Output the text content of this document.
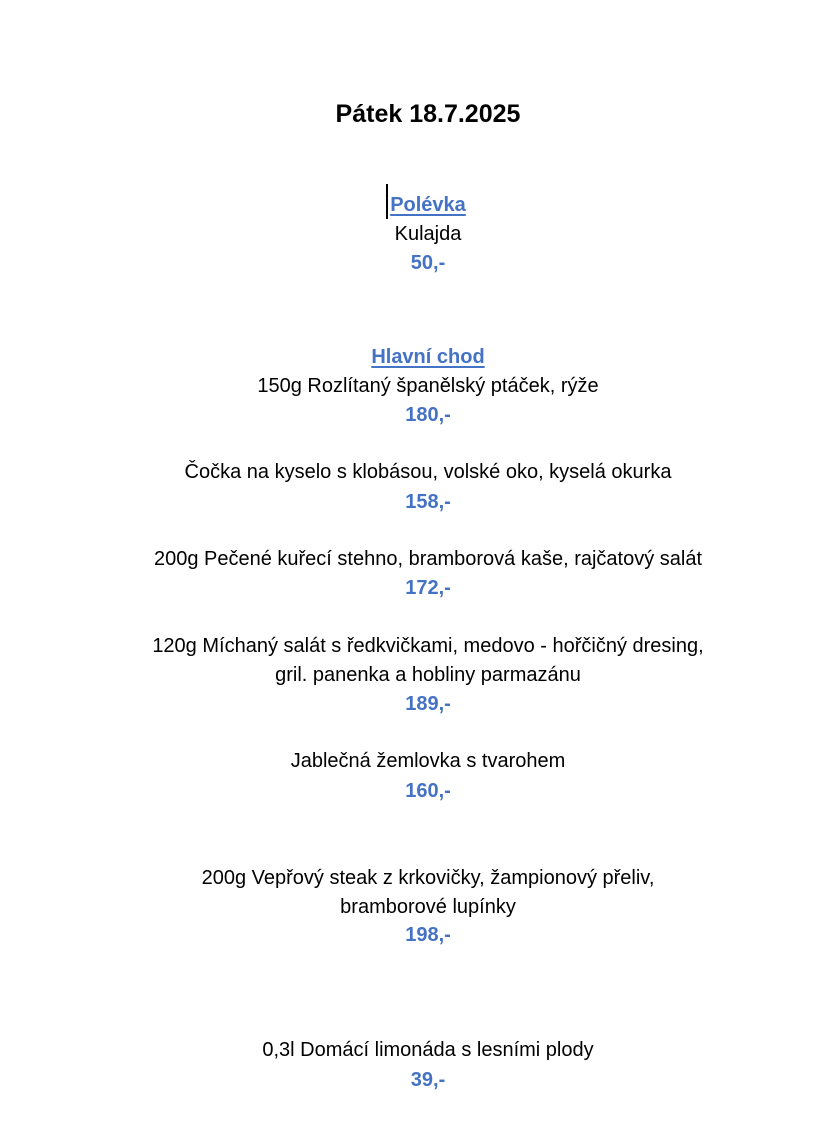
Pátek 18.7.2025
Polévka
Kulajda
50,-
Hlavní chod
150g Rozlítaný španělský ptáček, rýže
180,-
Čočka na kyselo s klobásou, volské oko, kyselá okurka
158,-
200g Pečené kuřecí stehno, bramborová kaše, rajčatový salát
172,-
120g Míchaný salát s ředkvičkami, medovo - hořčičný dresing,
gril. panenka a hobliny parmazánu
189,-
Jablečná žemlovka s tvarohem
160,-
200g Vepřový steak z krkovičky, žampionový přeliv,
bramborové lupínky
198,-
0,3l Domácí limonáda s lesními plody
39,-
